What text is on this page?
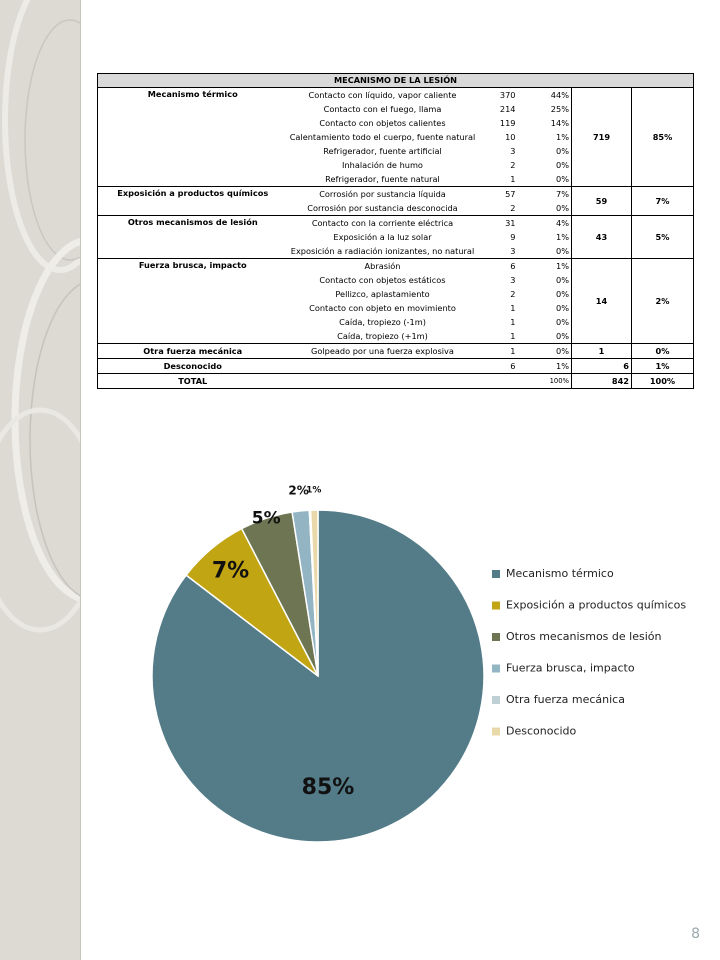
MECANISMO DE LA LESIÓN					
Mecanismo térmico	Contacto con líquido, vapor caliente	370	44%	719	85%
	Contacto con el fuego, llama	214	25%		
	Contacto con objetos calientes	119	14%		
	Calentamiento todo el cuerpo, fuente natural	10	1%		
	Refrigerador, fuente artificial	3	0%		
	Inhalación de humo	2	0%		
	Refrigerador, fuente natural	1	0%		
Exposición a productos químicos	Corrosión por sustancia líquida	57	7%	59	7%
	Corrosión por sustancia desconocida	2	0%		
Otros mecanismos de lesión	Contacto con la corriente eléctrica	31	4%	43	5%
	Exposición a la luz solar	9	1%		
	Exposición a radiación ionizantes, no natural	3	0%		
Fuerza brusca, impacto	Abrasión	6	1%	14	2%
	Contacto con objetos estáticos	3	0%		
	Pellizco, aplastamiento	2	0%		
	Contacto con objeto en movimiento	1	0%		
	Caída, tropiezo (-1m)	1	0%		
	Caída, tropiezo (+1m)	1	0%		
Otra fuerza mecánica	Golpeado por una fuerza explosiva	1	0%	1	0%
Desconocido		6	1%	6	1%
TOTAL			100%	842	100%
85%
7%
5%
2%
1%
Mecanismo térmico
Exposición a productos químicos
Otros mecanismos de lesión
Fuerza brusca, impacto
Otra fuerza mecánica
Desconocido
8
